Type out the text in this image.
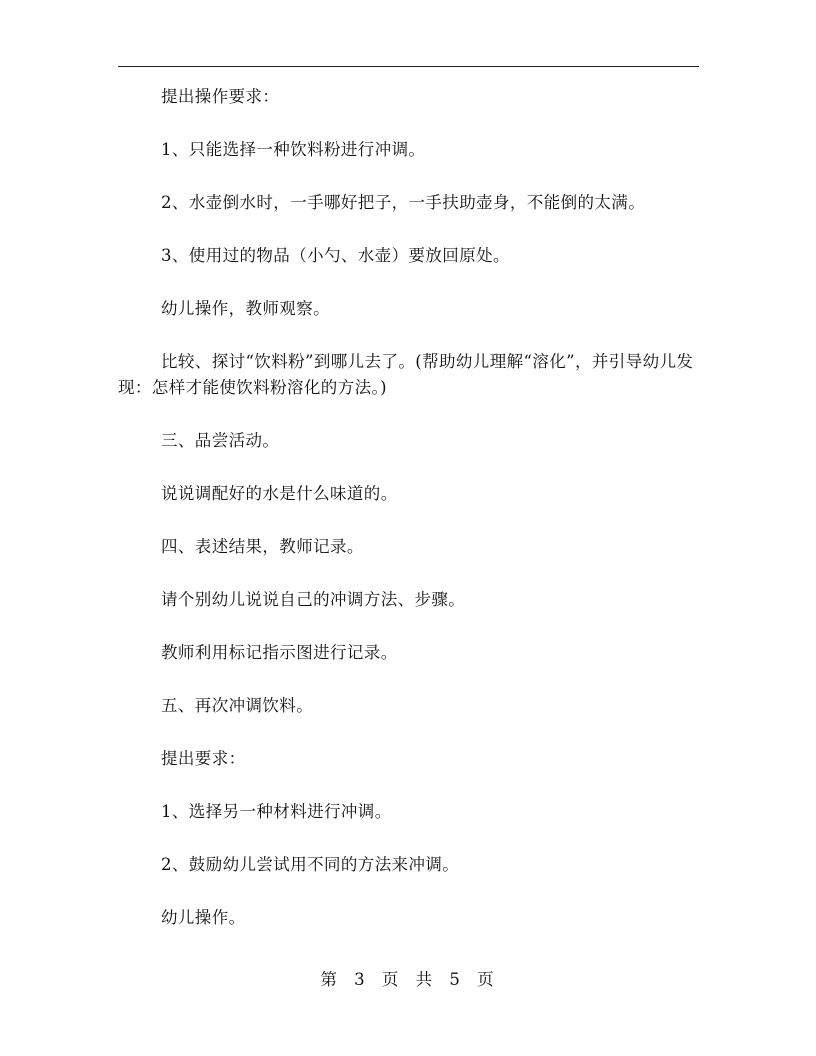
提出操作要求：

1、只能选择一种饮料粉进行冲调。

2、水壶倒水时，一手哪好把子，一手扶助壶身，不能倒的太满。

3、使用过的物品（小勺、水壶）要放回原处。

幼儿操作，教师观察。

比较、探讨“饮料粉”到哪儿去了。(帮助幼儿理解“溶化”，并引导幼儿发现：怎样才能使饮料粉溶化的方法。)

三、品尝活动。

说说调配好的水是什么味道的。

四、表述结果，教师记录。

请个别幼儿说说自己的冲调方法、步骤。

教师利用标记指示图进行记录。

五、再次冲调饮料。

提出要求：

1、选择另一种材料进行冲调。

2、鼓励幼儿尝试用不同的方法来冲调。

幼儿操作。

第 3 页 共 5 页
